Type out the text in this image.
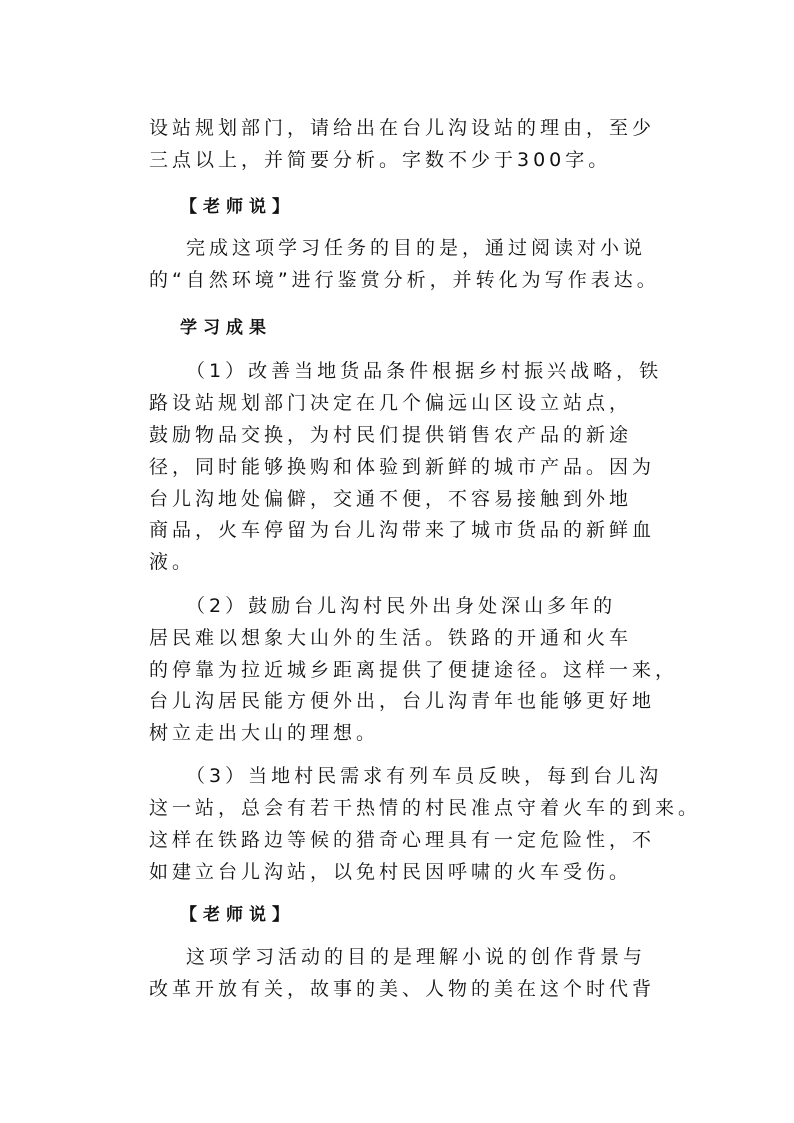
设站规划部门，请给出在台儿沟设站的理由，至少
三点以上，并简要分析。字数不少于300字。
【老师说】
完成这项学习任务的目的是，通过阅读对小说
的“自然环境”进行鉴赏分析，并转化为写作表达。
学习成果
（1）改善当地货品条件根据乡村振兴战略，铁
路设站规划部门决定在几个偏远山区设立站点，
鼓励物品交换，为村民们提供销售农产品的新途
径，同时能够换购和体验到新鲜的城市产品。因为
台儿沟地处偏僻，交通不便，不容易接触到外地
商品，火车停留为台儿沟带来了城市货品的新鲜血
液。
（2）鼓励台儿沟村民外出身处深山多年的
居民难以想象大山外的生活。铁路的开通和火车
的停靠为拉近城乡距离提供了便捷途径。这样一来，
台儿沟居民能方便外出，台儿沟青年也能够更好地
树立走出大山的理想。
（3）当地村民需求有列车员反映，每到台儿沟
这一站，总会有若干热情的村民准点守着火车的到来。
这样在铁路边等候的猎奇心理具有一定危险性，不
如建立台儿沟站，以免村民因呼啸的火车受伤。
【老师说】
这项学习活动的目的是理解小说的创作背景与
改革开放有关，故事的美、人物的美在这个时代背
